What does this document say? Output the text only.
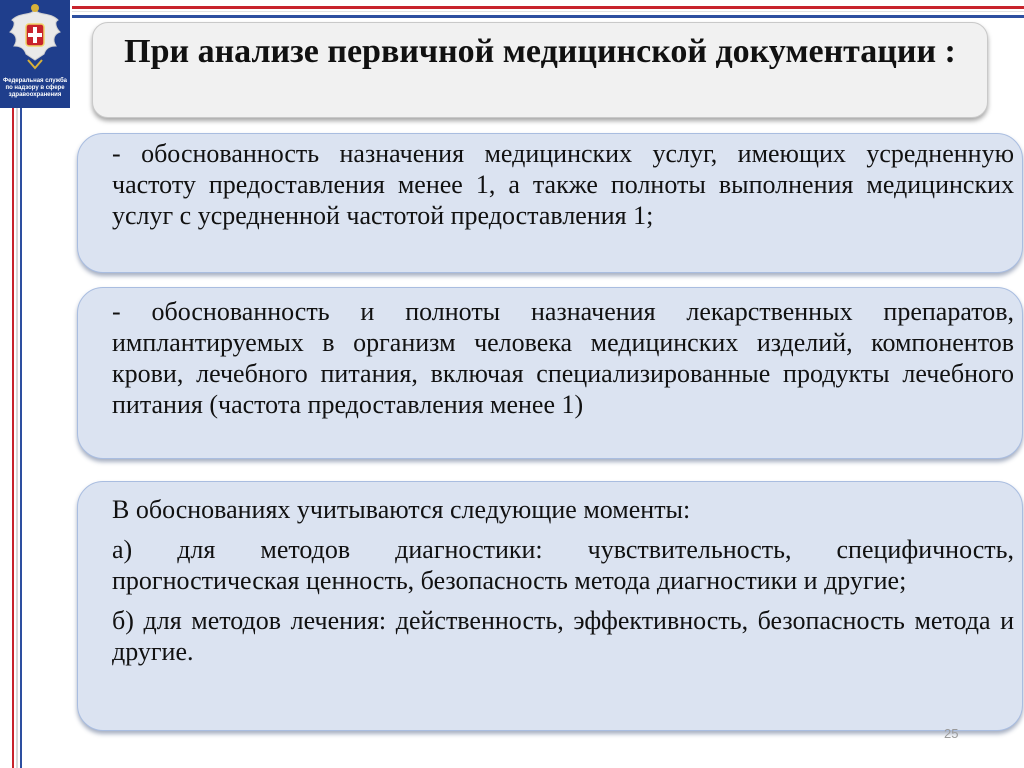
Федеральная служба
по надзору в сфере
здравоохранения
При анализе первичной медицинской документации :
- обоснованность назначения медицинских услуг, имеющих усредненную частоту предоставления менее 1, а также полноты выполнения медицинских услуг с усредненной частотой предоставления 1;
- обоснованность и полноты назначения лекарственных препаратов, имплантируемых в организм человека медицинских изделий, компонентов крови, лечебного питания, включая специализированные продукты лечебного питания (частота предоставления менее 1)

В обоснованиях учитываются следующие моменты:

а) для методов диагностики: чувствительность, специфичность, прогностическая ценность, безопасность метода диагностики и другие;

б) для методов лечения: действенность, эффективность, безопасность метода и другие.

25
